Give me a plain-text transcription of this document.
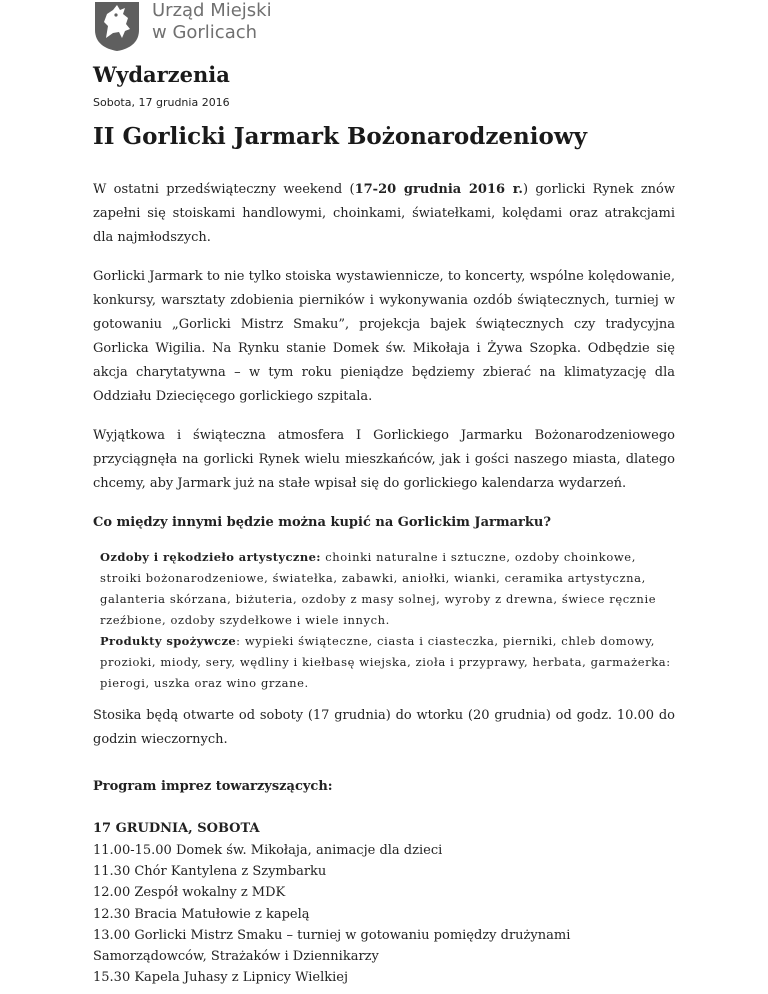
Urząd Miejski
w Gorlicach
Wydarzenia
Sobota, 17 grudnia 2016
II Gorlicki Jarmark Bożonarodzeniowy

W ostatni przedświąteczny weekend (17-20 grudnia 2016 r.) gorlicki Rynek znów zapełni się stoiskami handlowymi, choinkami, światełkami, kolędami oraz atrakcjami dla najmłodszych.

Gorlicki Jarmark to nie tylko stoiska wystawiennicze, to koncerty, wspólne kolędowanie, konkursy, warsztaty zdobienia pierników i wykonywania ozdób świątecznych, turniej w gotowaniu „Gorlicki Mistrz Smaku”, projekcja bajek świątecznych czy tradycyjna Gorlicka Wigilia. Na Rynku stanie Domek św. Mikołaja i Żywa Szopka. Odbędzie się akcja charytatywna – w tym roku pieniądze będziemy zbierać na klimatyzację dla Oddziału Dziecięcego gorlickiego szpitala.

Wyjątkowa i świąteczna atmosfera I Gorlickiego Jarmarku Bożonarodzeniowego przyciągnęła na gorlicki Rynek wielu mieszkańców, jak i gości naszego miasta, dlatego chcemy, aby Jarmark już na stałe wpisał się do gorlickiego kalendarza wydarzeń.

Co między innymi będzie można kupić na Gorlickim Jarmarku?
Ozdoby i rękodzieło artystyczne: choinki naturalne i sztuczne, ozdoby choinkowe, stroiki bożonarodzeniowe, światełka, zabawki, aniołki, wianki, ceramika artystyczna, galanteria skórzana, biżuteria, ozdoby z masy solnej, wyroby z drewna, świece ręcznie rzeźbione, ozdoby szydełkowe i wiele innych.
Produkty spożywcze: wypieki świąteczne, ciasta i ciasteczka, pierniki, chleb domowy, prozioki, miody, sery, wędliny i kiełbasę wiejska, zioła i przyprawy, herbata, garmażerka: pierogi, uszka oraz wino grzane.

Stosika będą otwarte od soboty (17 grudnia) do wtorku (20 grudnia) od godz. 10.00 do godzin wieczornych.

Program imprez towarzyszących:
17 GRUDNIA, SOBOTA
11.00-15.00 Domek św. Mikołaja, animacje dla dzieci
11.30 Chór Kantylena z Szymbarku
12.00 Zespół wokalny z MDK
12.30 Bracia Matułowie z kapelą
13.00 Gorlicki Mistrz Smaku – turniej w gotowaniu pomiędzy drużynami Samorządowców, Strażaków i Dziennikarzy
15.30 Kapela Juhasy z Lipnicy Wielkiej
